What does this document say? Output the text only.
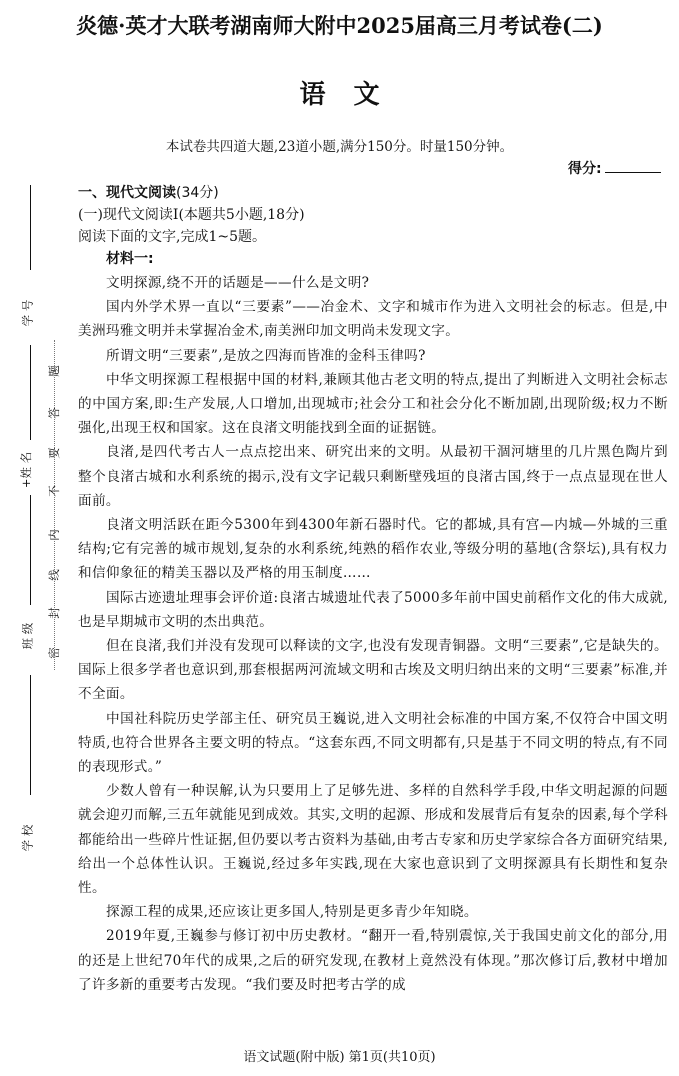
学 号
+姓 名
班 级
学 校
题
答
要
不
内
线
封
密
炎德·英才大联考湖南师大附中2025届高三月考试卷(二)
语文
本试卷共四道大题,23道小题,满分150分。时量150分钟。
得分:
一、现代文阅读(34分)
(一)现代文阅读Ⅰ(本题共5小题,18分)
阅读下面的文字,完成1~5题。
材料一:

文明探源,绕不开的话题是——什么是文明?

国内外学术界一直以“三要素”——冶金术、文字和城市作为进入文明社会的标志。但是,中美洲玛雅文明并未掌握冶金术,南美洲印加文明尚未发现文字。

所谓文明“三要素”,是放之四海而皆准的金科玉律吗?

中华文明探源工程根据中国的材料,兼顾其他古老文明的特点,提出了判断进入文明社会标志的中国方案,即:生产发展,人口增加,出现城市;社会分工和社会分化不断加剧,出现阶级;权力不断强化,出现王权和国家。这在良渚文明能找到全面的证据链。

良渚,是四代考古人一点点挖出来、研究出来的文明。从最初干涸河塘里的几片黑色陶片到整个良渚古城和水利系统的揭示,没有文字记载只剩断壁残垣的良渚古国,终于一点点显现在世人面前。

良渚文明活跃在距今5300年到4300年新石器时代。它的都城,具有宫—内城—外城的三重结构;它有完善的城市规划,复杂的水利系统,纯熟的稻作农业,等级分明的墓地(含祭坛),具有权力和信仰象征的精美玉器以及严格的用玉制度……

国际古迹遗址理事会评价道:良渚古城遗址代表了5000多年前中国史前稻作文化的伟大成就,也是早期城市文明的杰出典范。

但在良渚,我们并没有发现可以释读的文字,也没有发现青铜器。文明“三要素”,它是缺失的。国际上很多学者也意识到,那套根据两河流域文明和古埃及文明归纳出来的文明“三要素”标准,并不全面。

中国社科院历史学部主任、研究员王巍说,进入文明社会标准的中国方案,不仅符合中国文明特质,也符合世界各主要文明的特点。“这套东西,不同文明都有,只是基于不同文明的特点,有不同的表现形式。”

少数人曾有一种误解,认为只要用上了足够先进、多样的自然科学手段,中华文明起源的问题就会迎刃而解,三五年就能见到成效。其实,文明的起源、形成和发展背后有复杂的因素,每个学科都能给出一些碎片性证据,但仍要以考古资料为基础,由考古专家和历史学家综合各方面研究结果,给出一个总体性认识。王巍说,经过多年实践,现在大家也意识到了文明探源具有长期性和复杂性。

探源工程的成果,还应该让更多国人,特别是更多青少年知晓。

2019年夏,王巍参与修订初中历史教材。“翻开一看,特别震惊,关于我国史前文化的部分,用的还是上世纪70年代的成果,之后的研究发现,在教材上竟然没有体现。”那次修订后,教材中增加了许多新的重要考古发现。“我们要及时把考古学的成

语文试题(附中版) 第1页(共10页)
